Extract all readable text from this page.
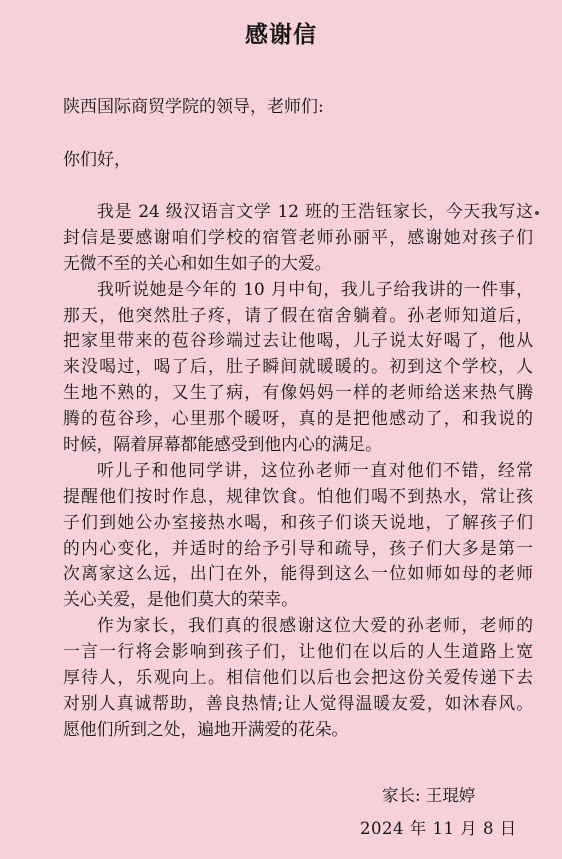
感谢信
陕西国际商贸学院的领导，老师们:
你们好，
我是 24 级汉语言文学 12 班的王浩钰家长，今天我写这
封信是要感谢咱们学校的宿管老师孙丽平，感谢她对孩子们
无微不至的关心和如生如子的大爱。
我听说她是今年的 10 月中旬，我儿子给我讲的一件事，
那天，他突然肚子疼，请了假在宿舍躺着。孙老师知道后，
把家里带来的苞谷珍端过去让他喝，儿子说太好喝了，他从
来没喝过，喝了后，肚子瞬间就暖暖的。初到这个学校，人
生地不熟的，又生了病，有像妈妈一样的老师给送来热气腾
腾的苞谷珍，心里那个暖呀，真的是把他感动了，和我说的
时候，隔着屏幕都能感受到他内心的满足。
听儿子和他同学讲，这位孙老师一直对他们不错，经常
提醒他们按时作息，规律饮食。怕他们喝不到热水，常让孩
子们到她公办室接热水喝，和孩子们谈天说地，了解孩子们
的内心变化，并适时的给予引导和疏导，孩子们大多是第一
次离家这么远，出门在外，能得到这么一位如师如母的老师
关心关爱，是他们莫大的荣幸。
作为家长，我们真的很感谢这位大爱的孙老师，老师的
一言一行将会影响到孩子们，让他们在以后的人生道路上宽
厚待人，乐观向上。相信他们以后也会把这份关爱传递下去
对别人真诚帮助，善良热情;让人觉得温暖友爱，如沐春风。
愿他们所到之处，遍地开满爱的花朵。
家长: 王琨婷
2024 年 11 月 8 日
